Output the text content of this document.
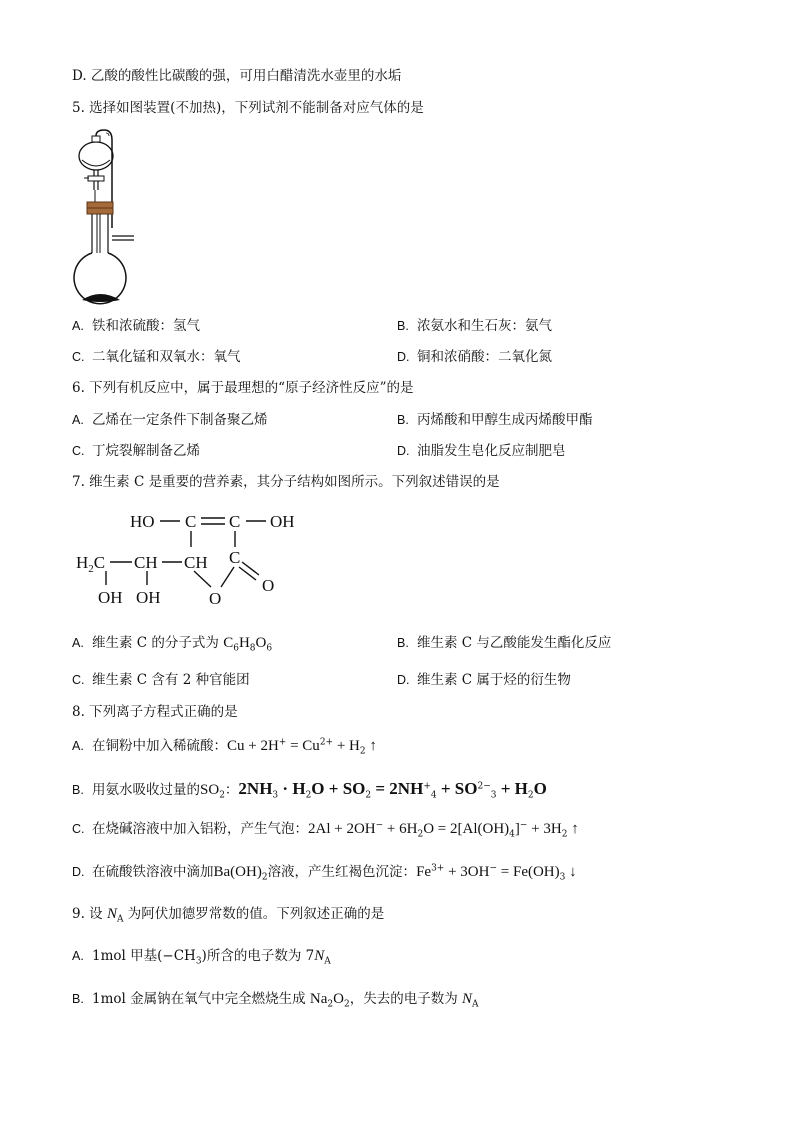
D. 乙酸的酸性比碳酸的强，可用白醋清洗水壶里的水垢
5. 选择如图装置(不加热)，下列试剂不能制备对应气体的是
A. 铁和浓硫酸：氢气	B. 浓氨水和生石灰：氨气
C. 二氧化锰和双氧水：氧气	D. 铜和浓硝酸：二氧化氮
6. 下列有机反应中，属于最理想的“原子经济性反应”的是
A. 乙烯在一定条件下制备聚乙烯	B. 丙烯酸和甲醇生成丙烯酸甲酯
C. 丁烷裂解制备乙烯	D. 油脂发生皂化反应制肥皂
7. 维生素 C 是重要的营养素，其分子结构如图所示。下列叙述错误的是
HO C C OH
$H_2C$ CH CH C
O
O
OH OH
A. 维生素 C 的分子式为 $C_6H_8O_6$	B. 维生素 C 与乙酸能发生酯化反应
C. 维生素 C 含有 2 种官能团	D. 维生素 C 属于烃的衍生物
8. 下列离子方程式正确的是
A. 在铜粉中加入稀硫酸：$Cu + 2H^+ = Cu^{2+} + H_2$ ↑
B. 用氨水吸收过量的$SO_2$：$2NH_3 \cdot H_2O + SO_2 = 2NH^+_4 + SO^{2-}_3 + H_2O$
C. 在烧碱溶液中加入铝粉，产生气泡：$2Al + 2OH^- + 6H_2O = 2[Al(OH)_4]^- + 3H_2$ ↑
D. 在硫酸铁溶液中滴加$Ba(OH)_2$溶液，产生红褐色沉淀：$Fe^{3+} + 3OH^- = Fe(OH)_3$ ↓
9. 设 $N_A$ 为阿伏加德罗常数的值。下列叙述正确的是
A. 1mol 甲基$(-CH_3)$所含的电子数为 $7N_A$
B. 1mol 金属钠在氧气中完全燃烧生成 $Na_2O_2$，失去的电子数为 $N_A$
